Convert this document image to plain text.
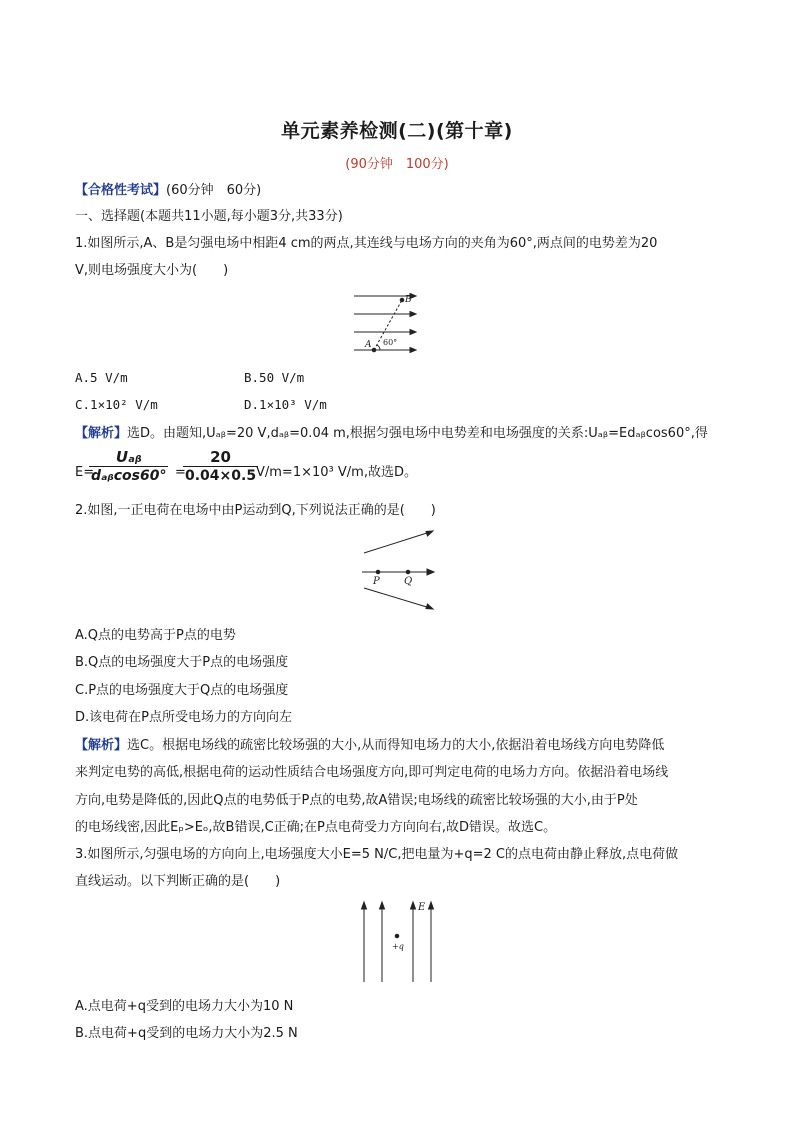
单元素养检测(二)(第十章)
(90分钟　100分)
【合格性考试】(60分钟　60分)
一、选择题(本题共11小题,每小题3分,共33分)
1.如图所示,A、B是匀强电场中相距4 cm的两点,其连线与电场方向的夹角为60°,两点间的电势差为20
V,则电场强度大小为(　　)
A
B
60°
A.5 V/m	B.50 V/m
C.1×10² V/m	D.1×10³ V/m
【解析】选D。由题知,Uₐᵦ=20 V,dₐᵦ=0.04 m,根据匀强电场中电势差和电场强度的关系:Uₐᵦ=Edₐᵦcos60°,得
E=
Uₐᵦ
dₐᵦcos60° =
$\frac{20}{0.04\times 0.5}$
V/m=1×10³ V/m,故选D。
2.如图,一正电荷在电场中由P运动到Q,下列说法正确的是(　　)
P Q
A.Q点的电势高于P点的电势
B.Q点的电场强度大于P点的电场强度
C.P点的电场强度大于Q点的电场强度
D.该电荷在P点所受电场力的方向向左
【解析】选C。根据电场线的疏密比较场强的大小,从而得知电场力的大小,依据沿着电场线方向电势降低
来判定电势的高低,根据电荷的运动性质结合电场强度方向,即可判定电荷的电场力方向。依据沿着电场线
方向,电势是降低的,因此Q点的电势低于P点的电势,故A错误;电场线的疏密比较场强的大小,由于P处
的电场线密,因此Eₚ>Eₒ,故B错误,C正确;在P点电荷受力方向向右,故D错误。故选C。
3.如图所示,匀强电场的方向向上,电场强度大小E=5 N/C,把电量为+q=2 C的点电荷由静止释放,点电荷做
直线运动。以下判断正确的是(　　)
E
+q
A.点电荷+q受到的电场力大小为10 N
B.点电荷+q受到的电场力大小为2.5 N
